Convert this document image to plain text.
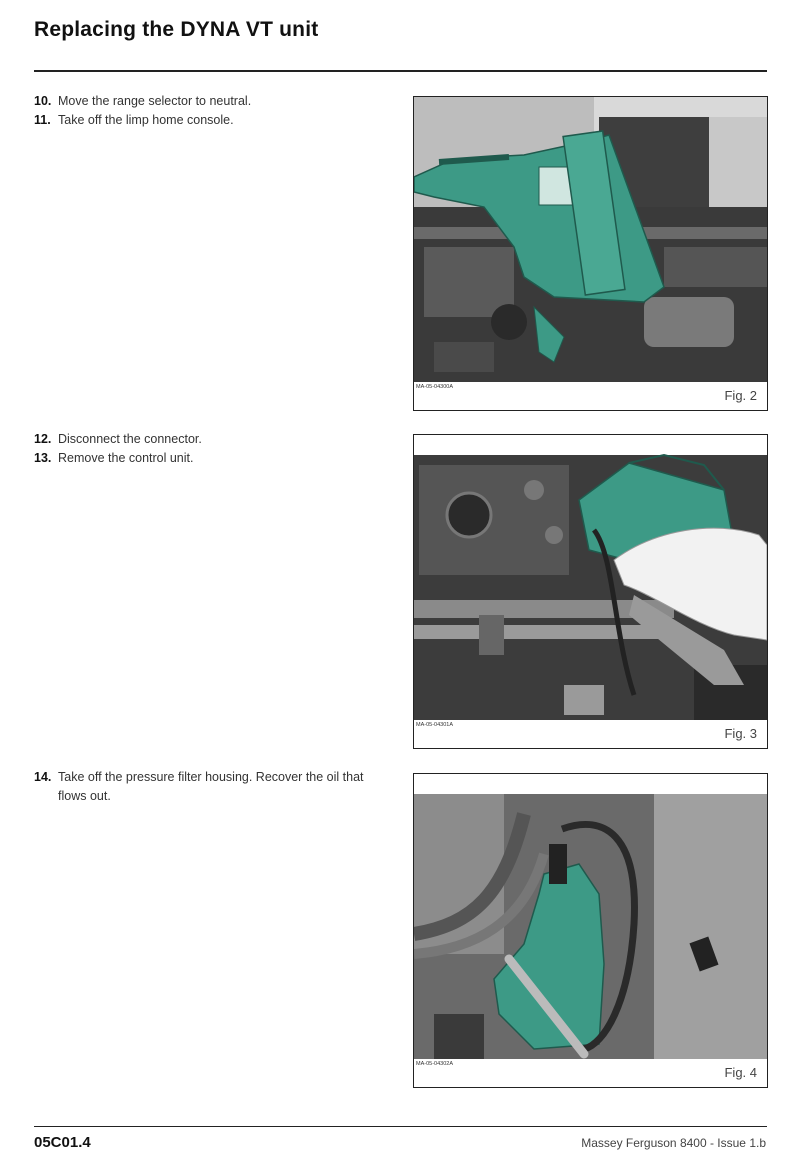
Replacing the DYNA VT unit
10. Move the range selector to neutral.
11. Take off the limp home console.
MA-05-04300A
Fig. 2
12. Disconnect the connector.
13. Remove the control unit.
MA-05-04301A
Fig. 3
14. Take off the pressure filter housing. Recover the oil that flows out.
MA-05-04302A
Fig. 4
05C01.4	Massey Ferguson 8400 - Issue 1.b
